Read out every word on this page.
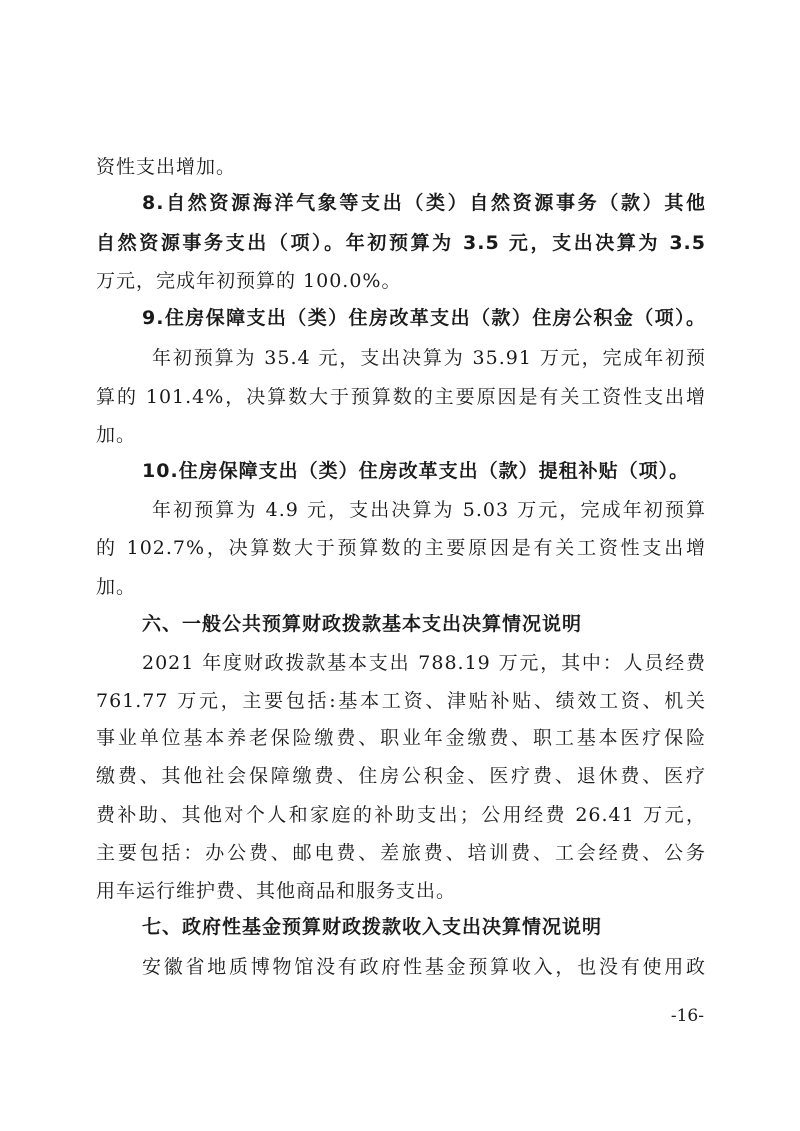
资性支出增加。
8.自然资源海洋气象等支出（类）自然资源事务（款）其他
自然资源事务支出（项）。年初预算为 3.5 元，支出决算为 3.5
万元，完成年初预算的 100.0%。
9.住房保障支出（类）住房改革支出（款）住房公积金（项）。
年初预算为 35.4 元，支出决算为 35.91 万元，完成年初预
算的 101.4%，决算数大于预算数的主要原因是有关工资性支出增
加。
10.住房保障支出（类）住房改革支出（款）提租补贴（项）。
年初预算为 4.9 元，支出决算为 5.03 万元，完成年初预算
的 102.7%，决算数大于预算数的主要原因是有关工资性支出增
加。
六、一般公共预算财政拨款基本支出决算情况说明
2021 年度财政拨款基本支出 788.19 万元，其中：人员经费
761.77 万元，主要包括:基本工资、津贴补贴、绩效工资、机关
事业单位基本养老保险缴费、职业年金缴费、职工基本医疗保险
缴费、其他社会保障缴费、住房公积金、医疗费、退休费、医疗
费补助、其他对个人和家庭的补助支出；公用经费 26.41 万元，
主要包括：办公费、邮电费、差旅费、培训费、工会经费、公务
用车运行维护费、其他商品和服务支出。
七、政府性基金预算财政拨款收入支出决算情况说明
安徽省地质博物馆没有政府性基金预算收入，也没有使用政
-16-
